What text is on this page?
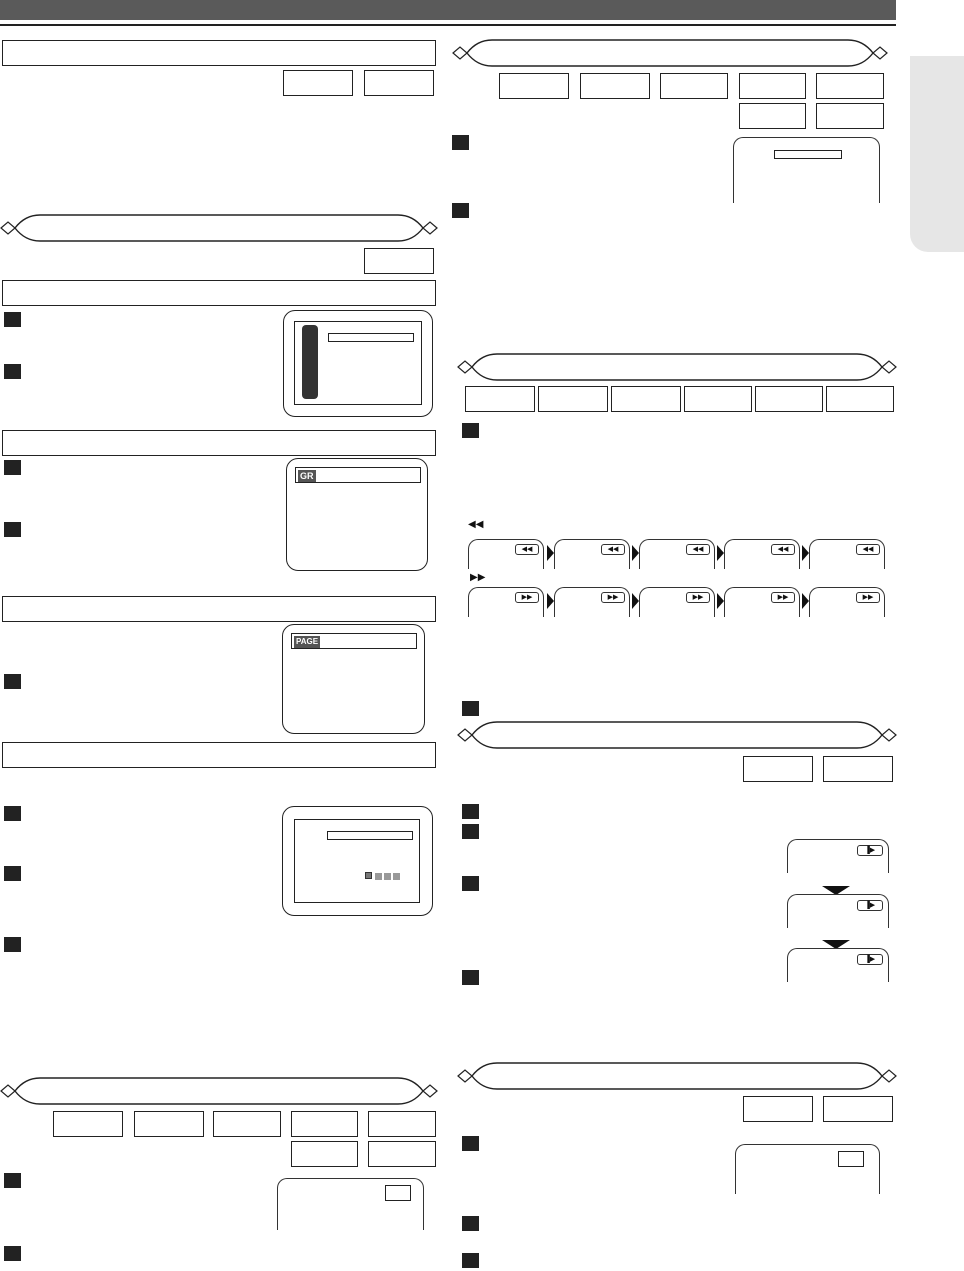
GR
PAGE
◀◀
◀◀	◀◀	◀◀	◀◀	◀◀
▶▶
▶▶	▶▶	▶▶	▶▶	▶▶
▐▶
▐▶
▐▶
